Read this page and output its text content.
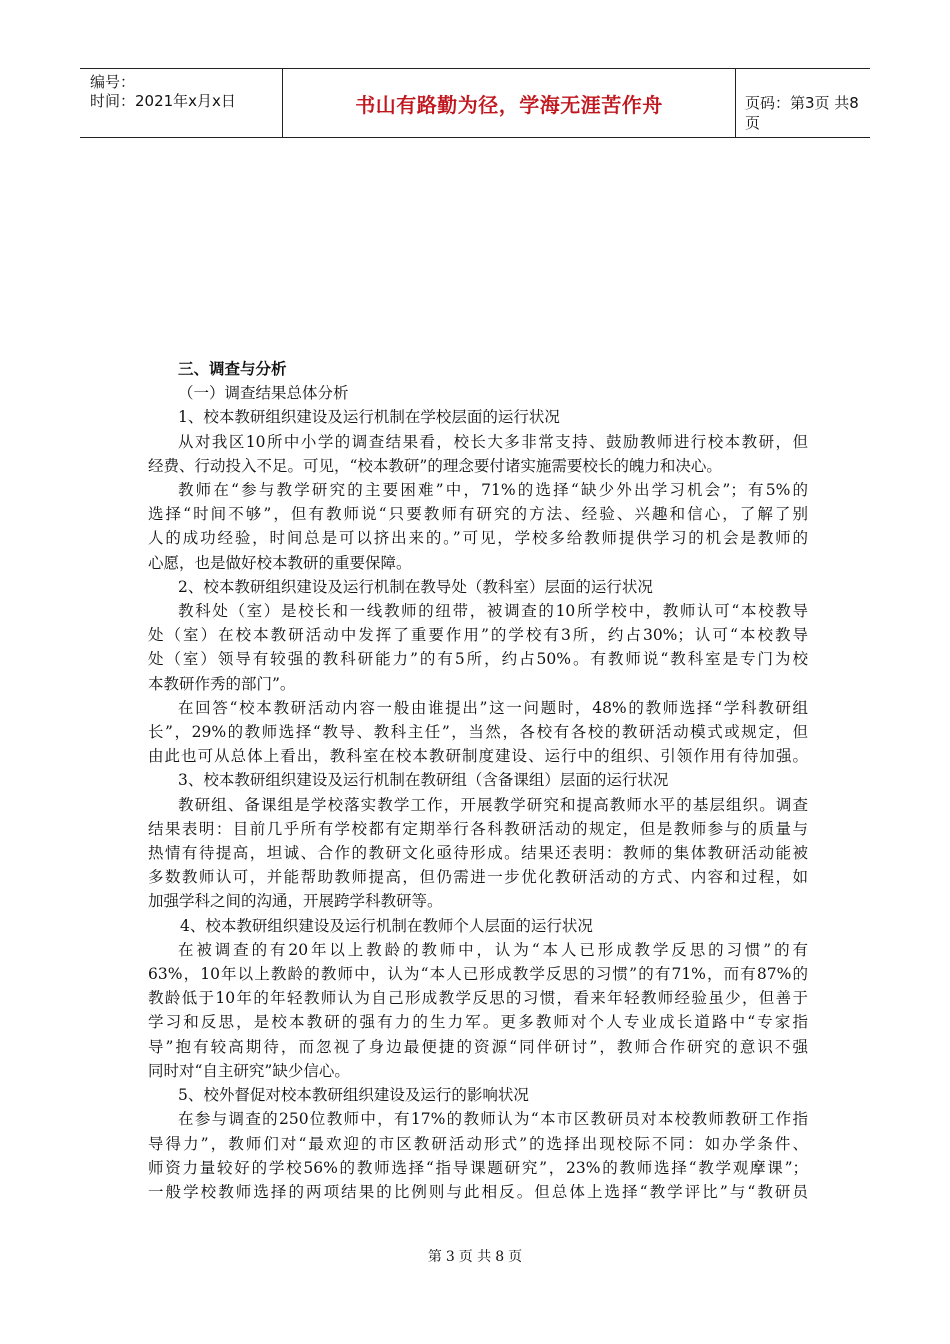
编号：
时间：2021年x月x日	书山有路勤为径，学海无涯苦作舟	页码：第3页 共8页

三、调查与分析

（一）调查结果总体分析

1、校本教研组织建设及运行机制在学校层面的运行状况

从对我区10所中小学的调查结果看，校长大多非常支持、鼓励教师进行校本教研，但

经费、行动投入不足。可见，“校本教研”的理念要付诸实施需要校长的魄力和决心。

教师在“参与教学研究的主要困难”中，71%的选择“缺少外出学习机会”；有5%的

选择“时间不够”，但有教师说“只要教师有研究的方法、经验、兴趣和信心，了解了别

人的成功经验，时间总是可以挤出来的。”可见，学校多给教师提供学习的机会是教师的

心愿，也是做好校本教研的重要保障。

2、校本教研组织建设及运行机制在教导处（教科室）层面的运行状况

教科处（室）是校长和一线教师的纽带，被调查的10所学校中，教师认可“本校教导

处（室）在校本教研活动中发挥了重要作用”的学校有3所，约占30%；认可“本校教导

处（室）领导有较强的教科研能力”的有5所，约占50%。有教师说“教科室是专门为校

本教研作秀的部门”。

在回答“校本教研活动内容一般由谁提出”这一问题时，48%的教师选择“学科教研组

长”，29%的教师选择“教导、教科主任”，当然，各校有各校的教研活动模式或规定，但

由此也可从总体上看出，教科室在校本教研制度建设、运行中的组织、引领作用有待加强。

3、校本教研组织建设及运行机制在教研组（含备课组）层面的运行状况

教研组、备课组是学校落实教学工作，开展教学研究和提高教师水平的基层组织。调查

结果表明：目前几乎所有学校都有定期举行各科教研活动的规定，但是教师参与的质量与

热情有待提高，坦诚、合作的教研文化亟待形成。结果还表明：教师的集体教研活动能被

多数教师认可，并能帮助教师提高，但仍需进一步优化教研活动的方式、内容和过程，如

加强学科之间的沟通，开展跨学科教研等。

4、校本教研组织建设及运行机制在教师个人层面的运行状况

在被调查的有20年以上教龄的教师中，认为“本人已形成教学反思的习惯”的有

63%，10年以上教龄的教师中，认为“本人已形成教学反思的习惯”的有71%，而有87%的

教龄低于10年的年轻教师认为自己形成教学反思的习惯，看来年轻教师经验虽少，但善于

学习和反思，是校本教研的强有力的生力军。更多教师对个人专业成长道路中“专家指

导”抱有较高期待，而忽视了身边最便捷的资源“同伴研讨”，教师合作研究的意识不强

同时对“自主研究”缺少信心。

5、校外督促对校本教研组织建设及运行的影响状况

在参与调查的250位教师中，有17%的教师认为“本市区教研员对本校教师教研工作指

导得力”，教师们对“最欢迎的市区教研活动形式”的选择出现校际不同：如办学条件、

师资力量较好的学校56%的教师选择“指导课题研究”，23%的教师选择“教学观摩课”；

一般学校教师选择的两项结果的比例则与此相反。但总体上选择“教学评比”与“教研员

第 3 页 共 8 页
